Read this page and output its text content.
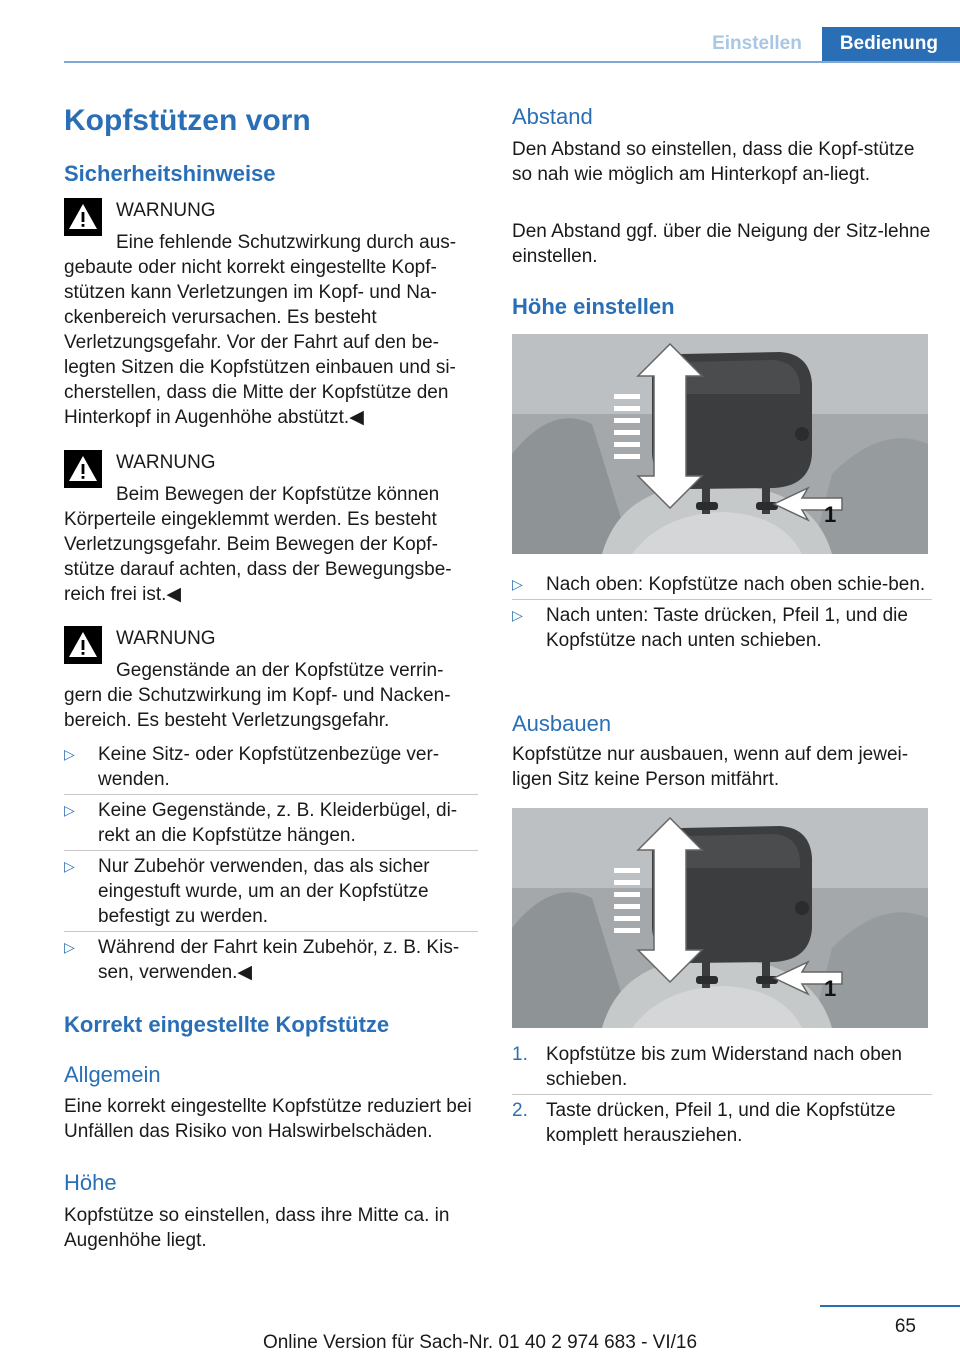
Einstellen	Bedienung
Kopfstützen vorn
Sicherheitshinweise
WARNUNG
Eine fehlende Schutzwirkung durch aus-
gebaute oder nicht korrekt eingestellte Kopf-stützen kann Verletzungen im Kopf- und Na-ckenbereich verursachen. Es besteht Verletzungsgefahr. Vor der Fahrt auf den be-legten Sitzen die Kopfstützen einbauen und si-cherstellen, dass die Mitte der Kopfstütze den Hinterkopf in Augenhöhe abstützt.◀
WARNUNG
Beim Bewegen der Kopfstütze können
Körperteile eingeklemmt werden. Es besteht Verletzungsgefahr. Beim Bewegen der Kopf-stütze darauf achten, dass der Bewegungsbe-reich frei ist.◀
WARNUNG
Gegenstände an der Kopfstütze verrin-
gern die Schutzwirkung im Kopf- und Nacken-bereich. Es besteht Verletzungsgefahr.
▷ Keine Sitz- oder Kopfstützenbezüge ver-wenden.
▷ Keine Gegenstände, z. B. Kleiderbügel, di-rekt an die Kopfstütze hängen.
▷ Nur Zubehör verwenden, das als sicher eingestuft wurde, um an der Kopfstütze befestigt zu werden.
▷ Während der Fahrt kein Zubehör, z. B. Kis-sen, verwenden.◀
Korrekt eingestellte Kopfstütze
Allgemein
Eine korrekt eingestellte Kopfstütze reduziert bei Unfällen das Risiko von Halswirbelschäden.
Höhe
Kopfstütze so einstellen, dass ihre Mitte ca. in Augenhöhe liegt.
Abstand
Den Abstand so einstellen, dass die Kopf-stütze so nah wie möglich am Hinterkopf an-liegt.
Den Abstand ggf. über die Neigung der Sitz-lehne einstellen.
Höhe einstellen
1
▷ Nach oben: Kopfstütze nach oben schie-ben.
▷ Nach unten: Taste drücken, Pfeil 1, und die Kopfstütze nach unten schieben.
Ausbauen
Kopfstütze nur ausbauen, wenn auf dem jewei-ligen Sitz keine Person mitfährt.
1
1. Kopfstütze bis zum Widerstand nach oben schieben.
2. Taste drücken, Pfeil 1, und die Kopfstütze komplett herausziehen.
65
Online Version für Sach-Nr. 01 40 2 974 683 - VI/16
